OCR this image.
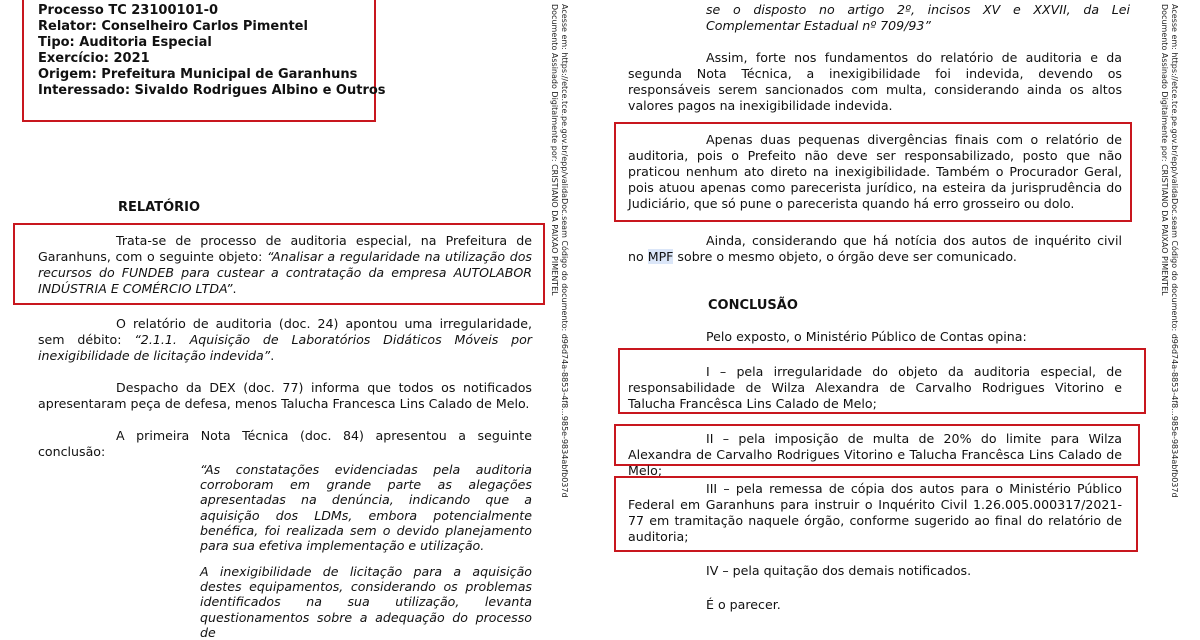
Processo TC 23100101-0
Relator: Conselheiro Carlos Pimentel
Tipo: Auditoria Especial
Exercício: 2021
Origem: Prefeitura Municipal de Garanhuns
Interessado: Sivaldo Rodrigues Albino e Outros
RELATÓRIO
Trata-se de processo de auditoria especial, na Prefeitura de Garanhuns, com o seguinte objeto: “Analisar a regularidade na utilização dos recursos do FUNDEB para custear a contratação da empresa AUTOLABOR INDÚSTRIA E COMÉRCIO LTDA”.
O relatório de auditoria (doc. 24) apontou uma irregularidade, sem débito: “2.1.1. Aquisição de Laboratórios Didáticos Móveis por inexigibilidade de licitação indevida”.
Despacho da DEX (doc. 77) informa que todos os notificados apresentaram peça de defesa, menos Talucha Francesca Lins Calado de Melo.
A primeira Nota Técnica (doc. 84) apresentou a seguinte conclusão:
“As constatações evidenciadas pela auditoria corroboram em grande parte as alegações apresentadas na denúncia, indicando que a aquisição dos LDMs, embora potencialmente benéfica, foi realizada sem o devido planejamento para sua efetiva implementação e utilização.
A inexigibilidade de licitação para a aquisição destes equipamentos, considerando os problemas identificados na sua utilização, levanta questionamentos sobre a adequação do processo de
Documento Assinado Digitalmente por: CRISTIANO DA PAIXAO PIMENTEL Acesse em: https://etce.tce.pe.gov.br/epp/validaDoc.seam Código do documento: d96d74a-8853-4f8...985e-9834abfb037d	se o disposto no artigo 2º, incisos XV e XXVII, da Lei Complementar Estadual nº 709/93”
Assim, forte nos fundamentos do relatório de auditoria e da segunda Nota Técnica, a inexigibilidade foi indevida, devendo os responsáveis serem sancionados com multa, considerando ainda os altos valores pagos na inexigibilidade indevida.
Apenas duas pequenas divergências finais com o relatório de auditoria, pois o Prefeito não deve ser responsabilizado, posto que não praticou nenhum ato direto na inexigibilidade. Também o Procurador Geral, pois atuou apenas como parecerista jurídico, na esteira da jurisprudência do Judiciário, que só pune o parecerista quando há erro grosseiro ou dolo.
Ainda, considerando que há notícia dos autos de inquérito civil no MPF sobre o mesmo objeto, o órgão deve ser comunicado.
CONCLUSÃO
Pelo exposto, o Ministério Público de Contas opina:
I – pela irregularidade do objeto da auditoria especial, de responsabilidade de Wilza Alexandra de Carvalho Rodrigues Vitorino e Talucha Francêsca Lins Calado de Melo;
II – pela imposição de multa de 20% do limite para Wilza Alexandra de Carvalho Rodrigues Vitorino e Talucha Francêsca Lins Calado de Melo;
III – pela remessa de cópia dos autos para o Ministério Público Federal em Garanhuns para instruir o Inquérito Civil 1.26.005.000317/2021-77 em tramitação naquele órgão, conforme sugerido ao final do relatório de auditoria;
IV – pela quitação dos demais notificados.
É o parecer.
Documento Assinado Digitalmente por: CRISTIANO DA PAIXAO PIMENTEL Acesse em: https://etce.tce.pe.gov.br/epp/validaDoc.seam Código do documento: d96d74a-8853-4f8...985e-9834abfb037d
